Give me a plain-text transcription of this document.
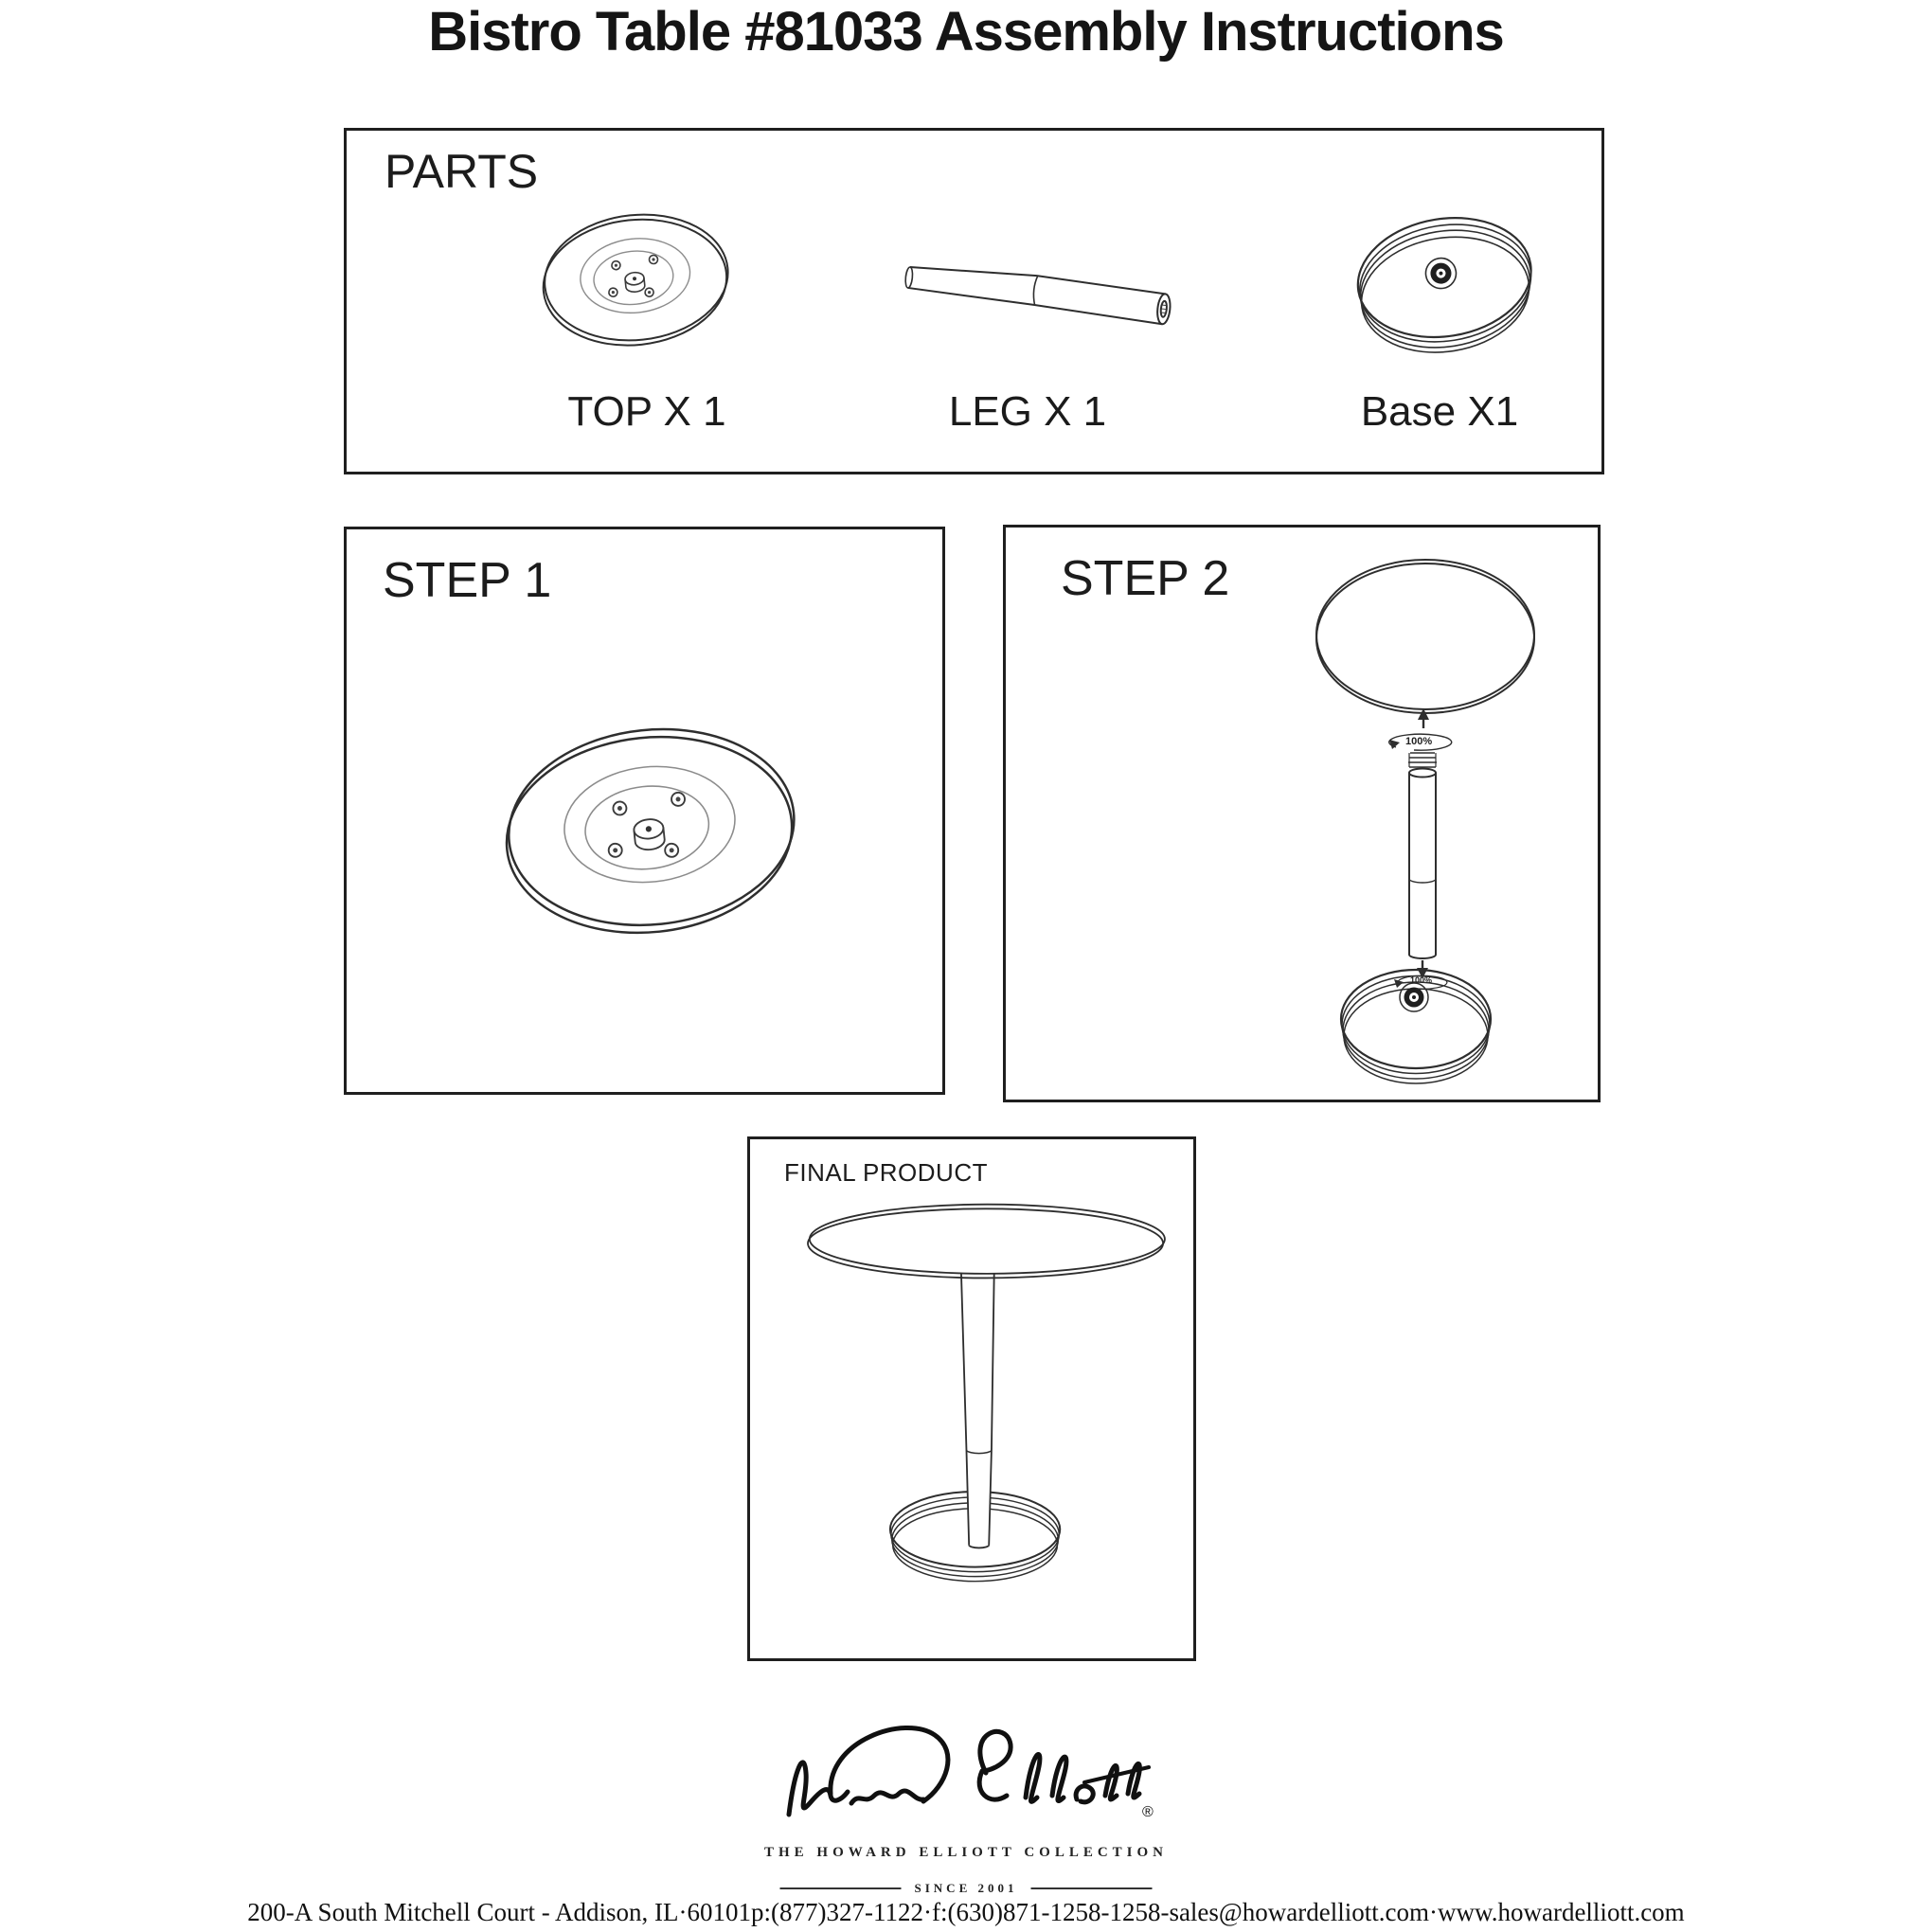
Bistro Table #81033 Assembly Instructions
PARTS
TOP X 1	LEG X 1	Base X1
STEP 1	STEP 2
100%
100%
FINAL PRODUCT
®
THE HOWARD ELLIOTT COLLECTION
SINCE 2001
200-A South Mitchell Court - Addison, IL·60101p:(877)327-1122·f:(630)871-1258-1258-sales@howardelliott.com·www.howardelliott.com
